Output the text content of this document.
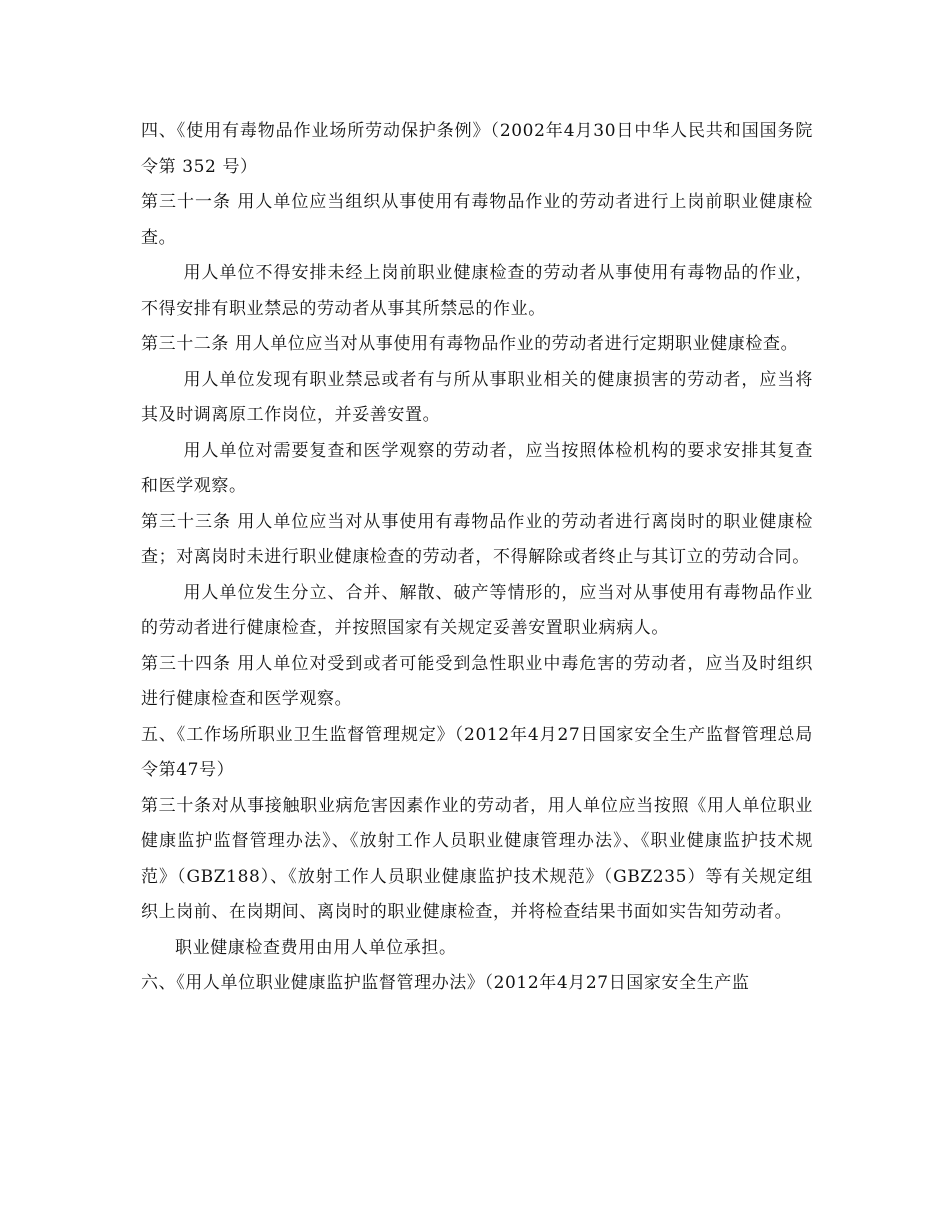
四、《使用有毒物品作业场所劳动保护条例》（2002年4月30日中华人民共和国国务院令第 352 号）

第三十一条 用人单位应当组织从事使用有毒物品作业的劳动者进行上岗前职业健康检查。

用人单位不得安排未经上岗前职业健康检查的劳动者从事使用有毒物品的作业，不得安排有职业禁忌的劳动者从事其所禁忌的作业。

第三十二条 用人单位应当对从事使用有毒物品作业的劳动者进行定期职业健康检查。

用人单位发现有职业禁忌或者有与所从事职业相关的健康损害的劳动者，应当将其及时调离原工作岗位，并妥善安置。

用人单位对需要复查和医学观察的劳动者，应当按照体检机构的要求安排其复查和医学观察。

第三十三条 用人单位应当对从事使用有毒物品作业的劳动者进行离岗时的职业健康检查；对离岗时未进行职业健康检查的劳动者，不得解除或者终止与其订立的劳动合同。

用人单位发生分立、合并、解散、破产等情形的，应当对从事使用有毒物品作业的劳动者进行健康检查，并按照国家有关规定妥善安置职业病病人。

第三十四条 用人单位对受到或者可能受到急性职业中毒危害的劳动者，应当及时组织进行健康检查和医学观察。

五、《工作场所职业卫生监督管理规定》（2012年4月27日国家安全生产监督管理总局令第47号）

第三十条对从事接触职业病危害因素作业的劳动者，用人单位应当按照《用人单位职业健康监护监督管理办法》、《放射工作人员职业健康管理办法》、《职业健康监护技术规范》（GBZ188）、《放射工作人员职业健康监护技术规范》（GBZ235）等有关规定组织上岗前、在岗期间、离岗时的职业健康检查，并将检查结果书面如实告知劳动者。

职业健康检查费用由用人单位承担。

六、《用人单位职业健康监护监督管理办法》（2012年4月27日国家安全生产监
